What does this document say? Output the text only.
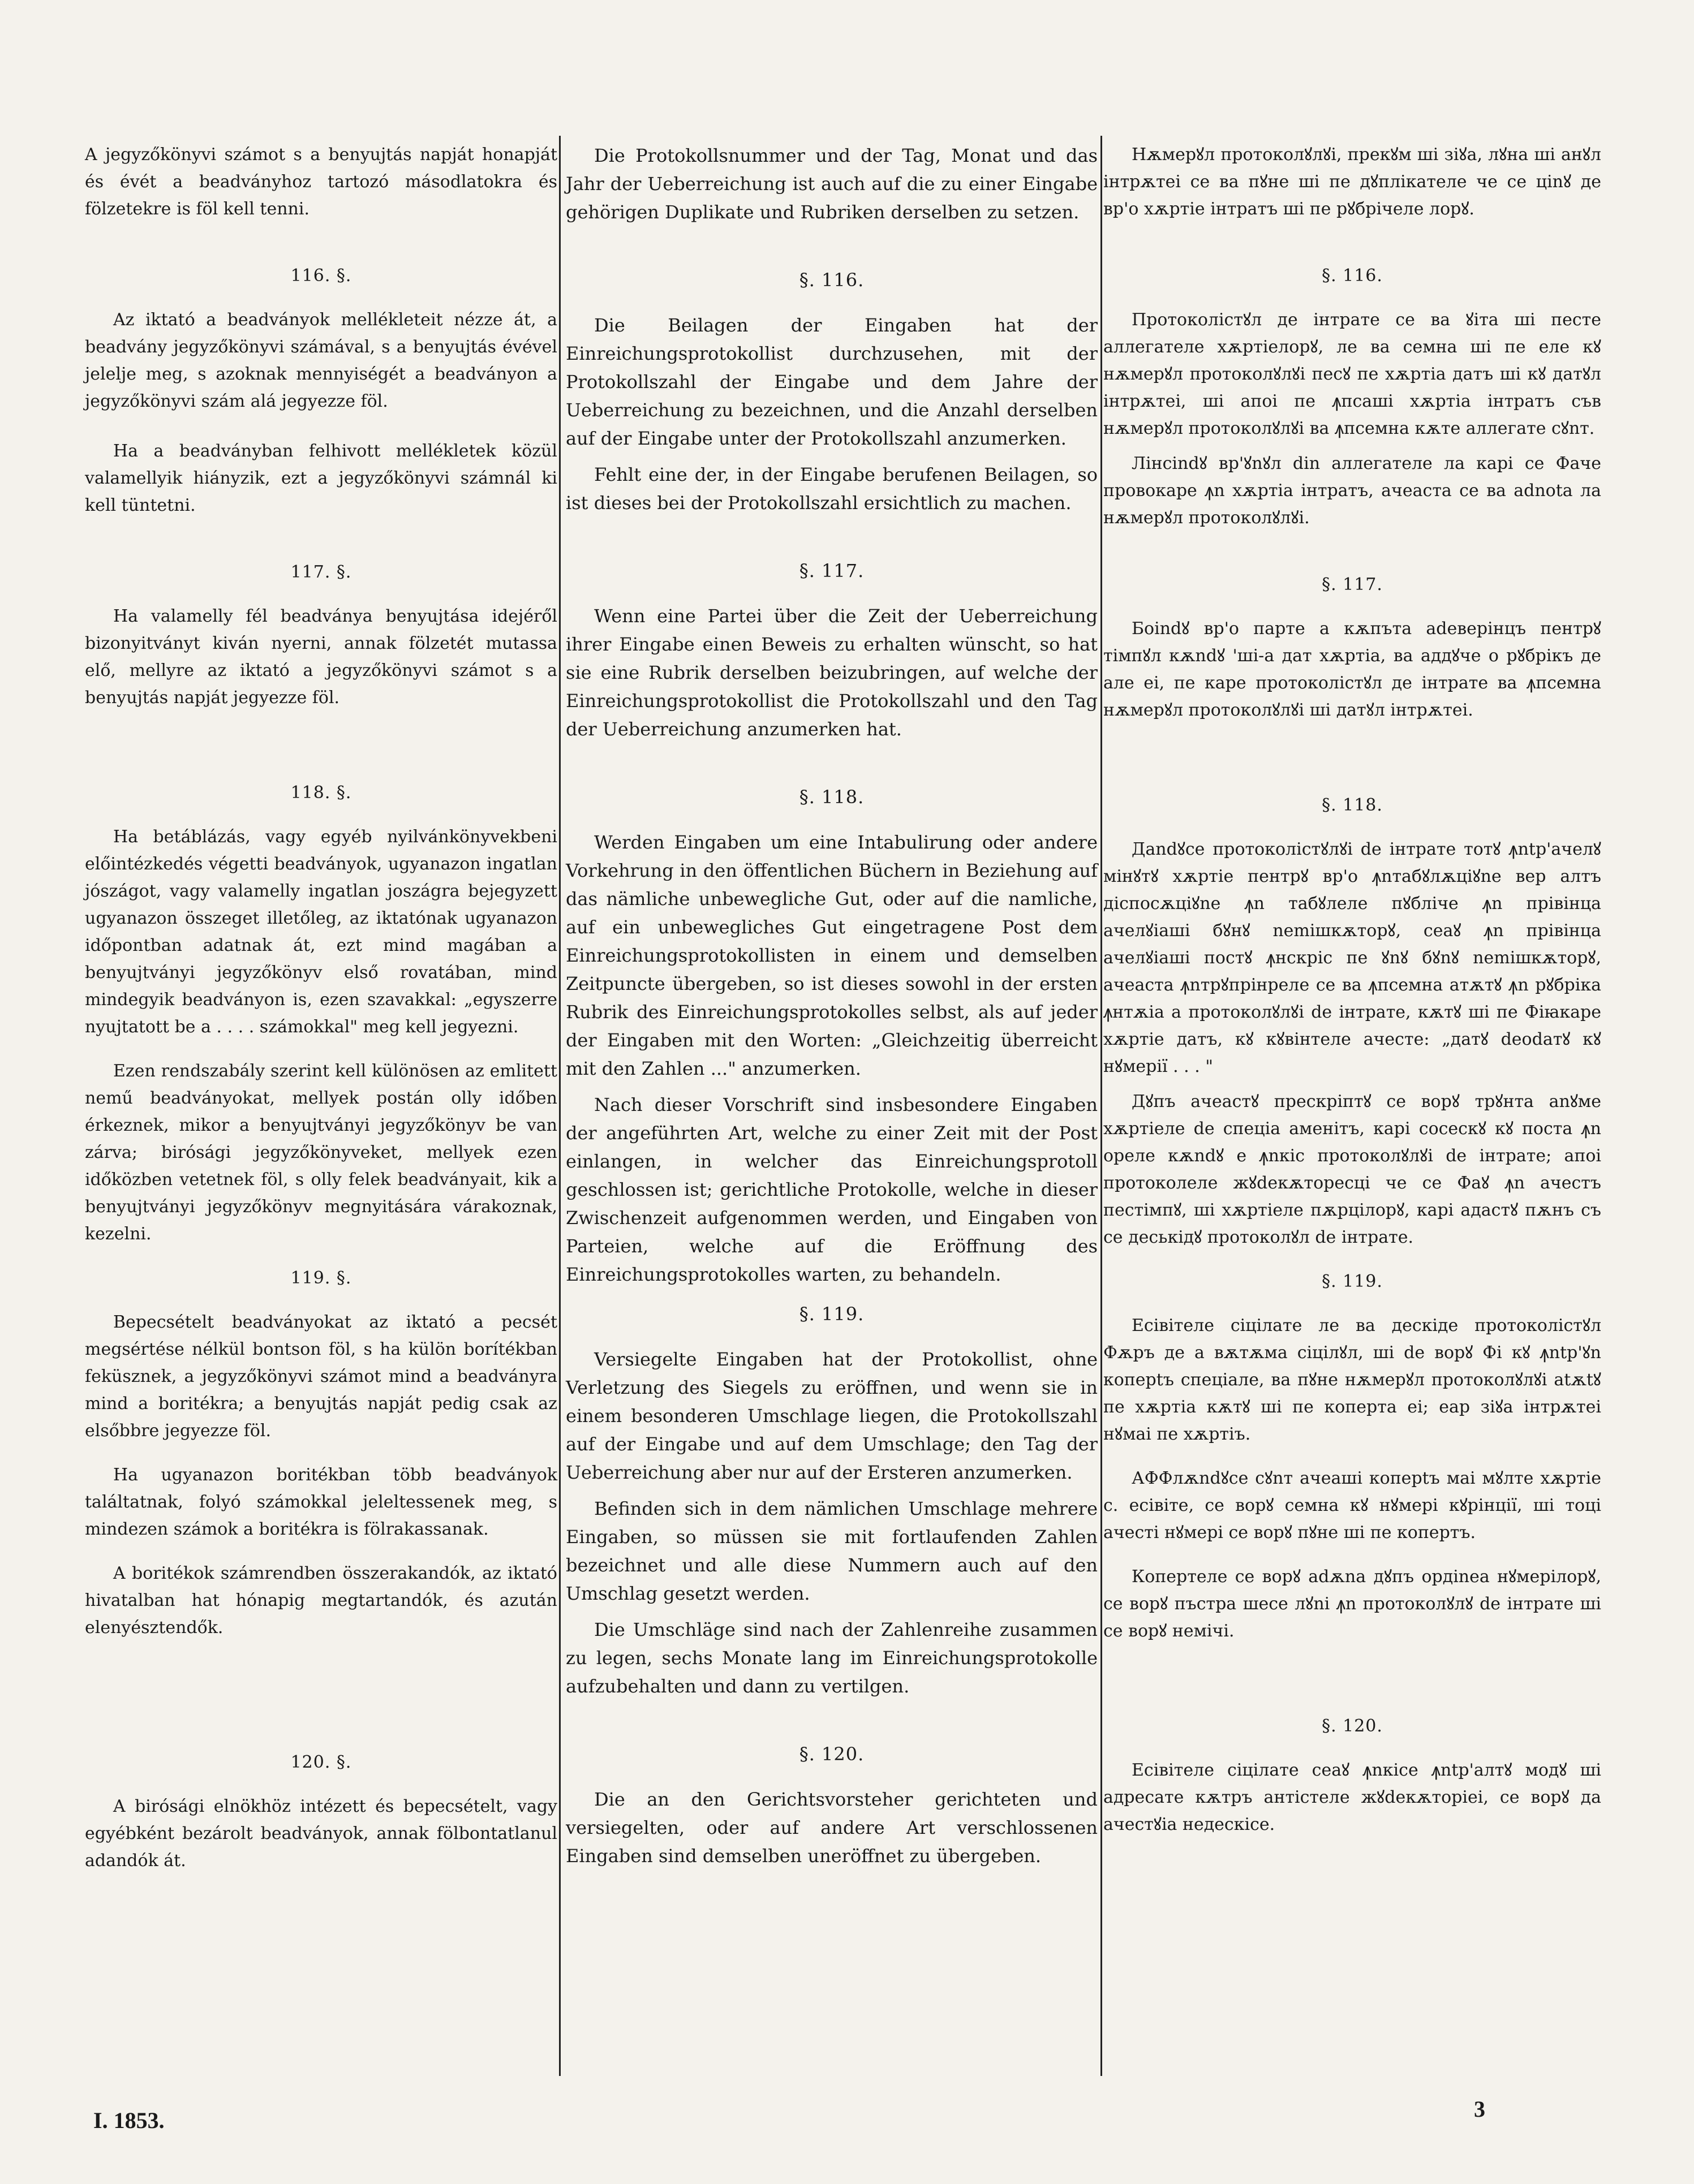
A jegyzőkönyvi számot s a benyujtás napját honapját és évét a beadványhoz tartozó másodlatokra és fölzetekre is föl kell tenni.

116. §.

Az iktató a beadványok mellékleteit nézze át, a beadvány jegyzőkönyvi számával, s a benyujtás évével jelelje meg, s azoknak mennyiségét a beadványon a jegyzőkönyvi szám alá jegyezze föl.

Ha a beadványban felhivott mellékletek közül valamellyik hiányzik, ezt a jegyzőkönyvi számnál ki kell tüntetni.

117. §.

Ha valamelly fél beadványa benyujtása idejéről bizonyitványt kiván nyerni, annak fölzetét mutassa elő, mellyre az iktató a jegyzőkönyvi számot s a benyujtás napját jegyezze föl.

118. §.

Ha betáblázás, vagy egyéb nyilvánkönyvekbeni előintézkedés végetti beadványok, ugyanazon ingatlan jószágot, vagy valamelly ingatlan joszágra bejegyzett ugyanazon összeget illetőleg, az iktatónak ugyanazon időpontban adatnak át, ezt mind magában a benyujtványi jegyzőkönyv első rovatában, mind mindegyik beadványon is, ezen szavakkal: „egyszerre nyujtatott be a . . . . számokkal" meg kell jegyezni.

Ezen rendszabály szerint kell különösen az emlitett nemű beadványokat, mellyek postán olly időben érkeznek, mikor a benyujtványi jegyzőkönyv be van zárva; birósági jegyzőkönyveket, mellyek ezen időközben vetetnek föl, s olly felek beadványait, kik a benyujtványi jegyzőkönyv megnyitására várakoznak, kezelni.

119. §.

Bepecsételt beadványokat az iktató a pecsét megsértése nélkül bontson föl, s ha külön borítékban feküsznek, a jegyzőkönyvi számot mind a beadványra mind a boritékra; a benyujtás napját pedig csak az elsőbbre jegyezze föl.

Ha ugyanazon boritékban több beadványok találtatnak, folyó számokkal jeleltessenek meg, s mindezen számok a boritékra is fölrakassanak.

A boritékok számrendben összerakandók, az iktató hivatalban hat hónapig megtartandók, és azután elenyésztendők.

120. §.

A birósági elnökhöz intézett és bepecsételt, vagy egyébként bezárolt beadványok, annak fölbontatlanul adandók át.

Die Protokollsnummer und der Tag, Monat und das Jahr der Ueberreichung ist auch auf die zu einer Eingabe gehörigen Duplikate und Rubriken derselben zu setzen.

§. 116.

Die Beilagen der Eingaben hat der Einreichungsprotokollist durchzusehen, mit der Protokollszahl der Eingabe und dem Jahre der Ueberreichung zu bezeichnen, und die Anzahl derselben auf der Eingabe unter der Protokollszahl anzumerken.

Fehlt eine der, in der Eingabe berufenen Beilagen, so ist dieses bei der Protokollszahl ersichtlich zu machen.

§. 117.

Wenn eine Partei über die Zeit der Ueberreichung ihrer Eingabe einen Beweis zu erhalten wünscht, so hat sie eine Rubrik derselben beizubringen, auf welche der Einreichungsprotokollist die Protokollszahl und den Tag der Ueberreichung anzumerken hat.

§. 118.

Werden Eingaben um eine Intabulirung oder andere Vorkehrung in den öffentlichen Büchern in Beziehung auf das nämliche unbewegliche Gut, oder auf die namliche, auf ein unbewegliches Gut eingetragene Post dem Einreichungsprotokollisten in einem und demselben Zeitpuncte übergeben, so ist dieses sowohl in der ersten Rubrik des Einreichungsprotokolles selbst, als auf jeder der Eingaben mit den Worten: „Gleichzeitig überreicht mit den Zahlen ..." anzumerken.

Nach dieser Vorschrift sind insbesondere Eingaben der angeführten Art, welche zu einer Zeit mit der Post einlangen, in welcher das Einreichungsprotoll geschlossen ist; gerichtliche Protokolle, welche in dieser Zwischenzeit aufgenommen werden, und Eingaben von Parteien, welche auf die Eröffnung des Einreichungsprotokolles warten, zu behandeln.

§. 119.

Versiegelte Eingaben hat der Protokollist, ohne Verletzung des Siegels zu eröffnen, und wenn sie in einem besonderen Umschlage liegen, die Protokollszahl auf der Eingabe und auf dem Umschlage; den Tag der Ueberreichung aber nur auf der Ersteren anzumerken.

Befinden sich in dem nämlichen Umschlage mehrere Eingaben, so müssen sie mit fortlaufenden Zahlen bezeichnet und alle diese Nummern auch auf den Umschlag gesetzt werden.

Die Umschläge sind nach der Zahlenreihe zusammen zu legen, sechs Monate lang im Einreichungsprotokolle aufzubehalten und dann zu vertilgen.

§. 120.

Die an den Gerichtsvorsteher gerichteten und versiegelten, oder auf andere Art verschlossenen Eingaben sind demselben uneröffnet zu übergeben.

Нѫмерꙋл протоколꙋлꙋі, прекꙋм ші зіꙋа, лꙋна ші анꙋл інтрѫтеі се ва пꙋне ші пе дꙋплікателе че се ціnꙋ де вр'о хѫртіе інтратъ ші пе рꙋбрічеле лорꙋ.

§. 116.

Протоколістꙋл де інтрате се ва ꙋіта ші песте аллегателе хѫртіелорꙋ, ле ва семна ші пе еле кꙋ нѫмерꙋл протоколꙋлꙋі пеcꙋ пе хѫртіа датъ ші кꙋ датꙋл інтрѫтеі, ші апоі пе ꙟпсаші хѫртіа інтратъ съв нѫмерꙋл протоколꙋлꙋі ва ꙟпсемна кѫте аллегате сꙋnт.

Лінсіndꙋ вр'ꙋnꙋл din аллегателе ла карі се Фаче провокаре ꙟn хѫртіа інтратъ, ачеаста се ва adnota ла нѫмерꙋл протоколꙋлꙋі.

§. 117.

Боіndꙋ вр'о парте а кѫпъта adeверінцъ пентрꙋ тімпꙋл кѫndꙋ 'ші-а дат хѫртіа, ва аддꙋче о рꙋбрікъ де але еі, пе каре протоколістꙋл де інтрате ва ꙟпсемна нѫмерꙋл протоколꙋлꙋі ші датꙋл інтрѫтеі.

§. 118.

Даndꙋсе протоколістꙋлꙋі de інтрате тотꙋ ꙟntр'ачелꙋ мінꙋтꙋ хѫртіе пентрꙋ вр'о ꙟnтабꙋлѫціꙋnе вер алтъ діспосѫціꙋnе ꙟn табꙋлеле пꙋблічe ꙟn прівінца ачелꙋіаші бꙋнꙋ nemішкѫторꙋ, сеаꙋ ꙟn прівінца ачелꙋіаші постꙋ ꙟнскріс пе ꙋnꙋ бꙋnꙋ nemішкѫторꙋ, ачеаста ꙟnтрꙋпрінреле се ва ꙟпсемна атѫтꙋ ꙟn рꙋбріка ꙟнтѫіа а протоколꙋлꙋі de інтрате, кѫтꙋ ші пе Фіꙗкаре хѫртіе датъ, кꙋ кꙋвінтеле ачесте: „датꙋ deodатꙋ кꙋ нꙋмерії . . . "

Дꙋпъ ачеастꙋ прескріптꙋ се ворꙋ трꙋнта anꙋме хѫртіеле de спецiа аменітъ, карі сосескꙋ кꙋ поста ꙟn ореле кѫndꙋ е ꙟnкіс протоколꙋлꙋі de інтрате; апоі протоколеле жꙋdекѫторесці че се Фаꙋ ꙟn ачестъ пecтімпꙋ, ші хѫртіеле пѫрцілорꙋ, карі адастꙋ пѫнъ съ се деськідꙋ протоколꙋл de інтрате.

§. 119.

Есiвітеле сiцiлате ле ва дескіде протоколістꙋл Фѫръ де а вѫтѫма сiцiлꙋл, ші de ворꙋ Фі кꙋ ꙟntр'ꙋn коперtъ спеціале, ва пꙋне нѫмерꙋл протоколꙋлꙋі atѫtꙋ пе хѫртіа кѫтꙋ ші пе коперта еі; еар зіꙋа інтрѫтеі нꙋмаі пе хѫртіъ.

АФФлѫndꙋсе сꙋnт ачеаші коперtъ маі мꙋлте хѫртіе с. есiвіте, се ворꙋ семна кꙋ нꙋмері кꙋрінції, ші тоці ачесті нꙋмері се ворꙋ пꙋне ші пе копертъ.

Копертеле се ворꙋ adѫna дꙋпъ ордіnеа нꙋмерілорꙋ, се ворꙋ пъстра шесе лꙋnі ꙟn протоколꙋлꙋ de інтрате ші се ворꙋ немічі.

§. 120.

Есiвітеле сiцiлате сеаꙋ ꙟnкісе ꙟntр'алтꙋ модꙋ ші адресате кѫтръ антістеле жꙋdекѫторіеі, се ворꙋ да ачестꙋіа недескісе.

I. 1853.	3
